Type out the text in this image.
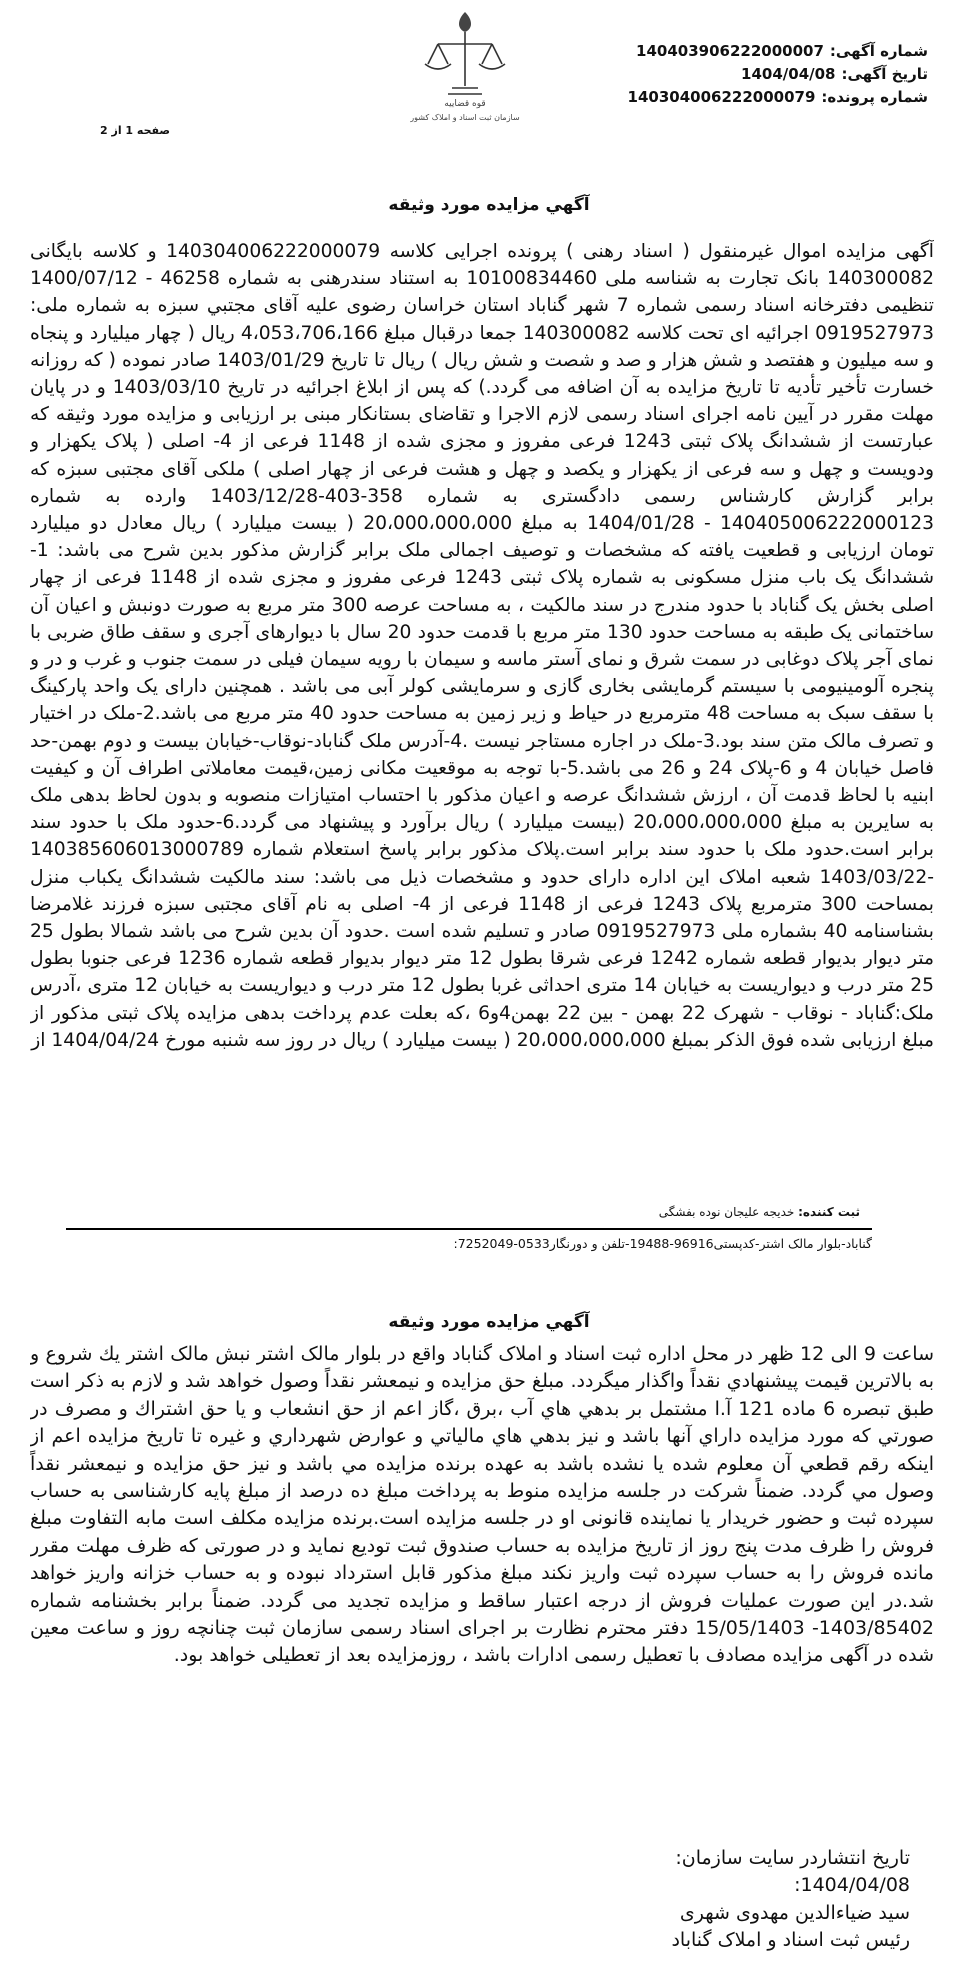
شماره آگهی:
140403906222000007
تاریخ آگهی:
1404/04/08
شماره پرونده:
140304006222000079
قوه قضاییه
سازمان ثبت اسناد و املاک کشور
صفحه 1 از 2
آگهي مزايده مورد وثيقه
آگهی مزایده اموال غیرمنقول ( اسناد رهنی ) پرونده اجرایی کلاسه 140304006222000079 و کلاسه بایگانی 140300082 بانک تجارت به شناسه ملی 10100834460 به استناد سندرهنی به شماره 46258 - 1400/07/12 تنظیمی دفترخانه اسناد رسمی شماره 7 شهر گناباد استان خراسان رضوی علیه آقای مجتبي سبزه به شماره ملی: 0919527973 اجرائیه ای تحت کلاسه 140300082 جمعا درقبال مبلغ 4،053،706،166 ریال ( چهار میلیارد و پنجاه و سه میلیون و هفتصد و شش هزار و صد و شصت و شش ریال ) ریال تا تاریخ 1403/01/29 صادر نموده ( که روزانه خسارت تأخیر تأدیه تا تاریخ مزایده به آن اضافه می گردد.) که پس از ابلاغ اجرائیه در تاریخ 1403/03/10 و در پایان مهلت مقرر در آیین نامه اجرای اسناد رسمی لازم الاجرا و تقاضای بستانکار مبنی بر ارزیابی و مزایده مورد وثیقه که عبارتست از ششدانگ پلاک ثبتی 1243 فرعی مفروز و مجزی شده از 1148 فرعی از 4- اصلی ( پلاک یکهزار و ودویست و چهل و سه فرعی از یکهزار و یکصد و چهل و هشت فرعی از چهار اصلی ) ملکی آقای مجتبی سبزه که برابر گزارش کارشناس رسمی دادگستری به شماره 358-403-1403/12/28 وارده به شماره 140405006222000123 - 1404/01/28 به مبلغ 20،000،000،000 ( بیست میلیارد ) ریال معادل دو میلیارد تومان ارزیابی و قطعیت یافته که مشخصات و توصیف اجمالی ملک برابر گزارش مذکور بدین شرح می باشد: 1-ششدانگ یک باب منزل مسکونی به شماره پلاک ثبتی 1243 فرعی مفروز و مجزی شده از 1148 فرعی از چهار اصلی بخش یک گناباد با حدود مندرج در سند مالکیت ، به مساحت عرصه 300 متر مربع به صورت دونبش و اعیان آن ساختمانی یک طبقه به مساحت حدود 130 متر مربع با قدمت حدود 20 سال با دیوارهای آجری و سقف طاق ضربی با نمای آجر پلاک دوغابی در سمت شرق و نمای آستر ماسه و سیمان با رویه سیمان فیلی در سمت جنوب و غرب و در و پنجره آلومینیومی با سیستم گرمایشی بخاری گازی و سرمایشی کولر آبی می باشد . همچنین دارای یک واحد پارکینگ با سقف سبک به مساحت 48 مترمربع در حیاط و زیر زمین به مساحت حدود 40 متر مربع می باشد.2-ملک در اختیار و تصرف مالک متن سند بود.3-ملک در اجاره مستاجر نیست .4-آدرس ملک گناباد-نوقاب-خیابان بیست و دوم بهمن-حد فاصل خیابان 4 و 6-پلاک 24 و 26 می باشد.5-با توجه به موقعیت مکانی زمین،قیمت معاملاتی اطراف آن و کیفیت ابنیه با لحاظ قدمت آن ، ارزش ششدانگ عرصه و اعیان مذکور با احتساب امتیازات منصوبه و بدون لحاظ بدهی ملک به سایرین به مبلغ 20،000،000،000 (بیست میلیارد ) ریال برآورد و پیشنهاد می گردد.6-حدود ملک با حدود سند برابر است.حدود ملک با حدود سند برابر است.پلاک مذکور برابر پاسخ استعلام شماره 140385606013000789 -1403/03/22 شعبه املاک این اداره دارای حدود و مشخصات ذیل می باشد: سند مالکیت ششدانگ یکباب منزل بمساحت 300 مترمربع پلاک 1243 فرعی از 1148 فرعی از 4- اصلی به نام آقای مجتبی سبزه فرزند غلامرضا بشناسنامه 40 بشماره ملی 0919527973 صادر و تسلیم شده است .حدود آن بدین شرح می باشد شمالا بطول 25 متر دیوار بدیوار قطعه شماره 1242 فرعی شرقا بطول 12 متر دیوار بدیوار قطعه شماره 1236 فرعی جنوبا بطول 25 متر درب و دیواریست به خیابان 14 متری احداثی غربا بطول 12 متر درب و دیواریست به خیابان 12 متری ،آدرس ملک:گناباد - نوقاب - شهرک 22 بهمن - بین 22 بهمن4و6 ،که بعلت عدم پرداخت بدهی مزایده پلاک ثبتی مذکور از مبلغ ارزیابی شده فوق الذکر بمبلغ 20،000،000،000 ( بیست میلیارد ) ریال در روز سه شنبه مورخ 1404/04/24 از
ثبت کننده: خدیجه علیجان نوده بفشگی
گناباد-بلوار مالک اشتر-کدپستی96916-19488-تلفن و دورنگار0533-7252049:
آگهي مزايده مورد وثيقه
ساعت 9 الی 12 ظهر در محل اداره ثبت اسناد و املاک گناباد واقع در بلوار مالک اشتر نبش مالک اشتر یك شروع و به بالاترين قيمت پيشنهادي نقداً واگذار ميگردد. مبلغ حق مزايده و نيمعشر نقداً وصول خواهد شد و لازم به ذكر است طبق تبصره 6 ماده 121 آ.ا مشتمل بر بدهي هاي آب ،برق ،گاز اعم از حق انشعاب و يا حق اشتراك و مصرف در صورتي كه مورد مزايده داراي آنها باشد و نيز بدهي هاي مالياتي و عوارض شهرداري و غيره تا تاريخ مزايده اعم از اينكه رقم قطعي آن معلوم شده يا نشده باشد به عهده برنده مزايده مي باشد و نيز حق مزايده و نيمعشر نقداً وصول مي گردد. ضمناً شركت در جلسه مزايده منوط به پرداخت مبلغ ده درصد از مبلغ پایه کارشناسی به حساب سپرده ثبت و حضور خریدار یا نماینده قانونی او در جلسه مزایده است.برنده مزایده مکلف است مابه التفاوت مبلغ فروش را ظرف مدت پنج روز از تاریخ مزایده به حساب صندوق ثبت تودیع نماید و در صورتی که ظرف مهلت مقرر مانده فروش را به حساب سپرده ثبت واریز نکند مبلغ مذکور قابل استرداد نبوده و به حساب خزانه واریز خواهد شد.در این صورت عملیات فروش از درجه اعتبار ساقط و مزایده تجدید می گردد. ضمناً برابر بخشنامه شماره 1403/85402- 15/05/1403 دفتر محترم نظارت بر اجرای اسناد رسمی سازمان ثبت چنانچه روز و ساعت معین شده در آگهی مزایده مصادف با تعطیل رسمی ادارات باشد ، روزمزایده بعد از تعطیلی خواهد بود.
تاریخ انتشاردر سایت سازمان:
1404/04/08:
سید ضیاءالدین مهدوی شهری
رئیس ثبت اسناد و املاک گناباد
